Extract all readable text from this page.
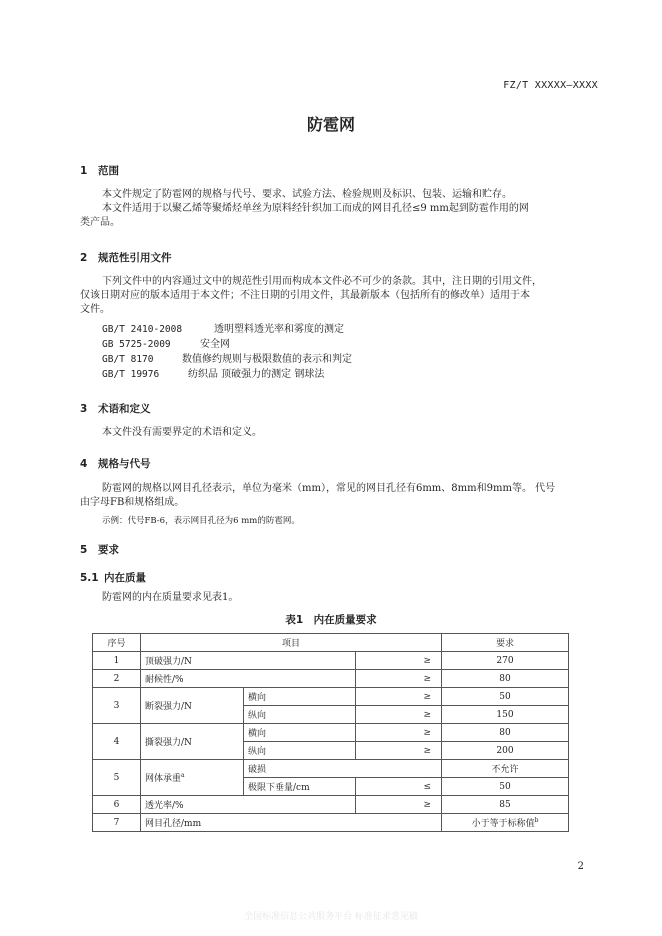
FZ/T XXXXX—XXXX
防雹网
1 范围
本文件规定了防雹网的规格与代号、要求、试验方法、检验规则及标识、包装、运输和贮存。
本文件适用于以聚乙烯等聚烯烃单丝为原料经针织加工而成的网目孔径≤9 mm起到防雹作用的网
类产品。
2 规范性引用文件
下列文件中的内容通过文中的规范性引用而构成本文件必不可少的条款。其中，注日期的引用文件，
仅该日期对应的版本适用于本文件；不注日期的引用文件，其最新版本（包括所有的修改单）适用于本
文件。
GB/T 2410-2008	透明塑料透光率和雾度的测定
GB 5725-2009	安全网
GB/T 8170	数值修约规则与极限数值的表示和判定
GB/T 19976	纺织品 顶破强力的测定 钢球法
3 术语和定义
本文件没有需要界定的术语和定义。
4 规格与代号
防雹网的规格以网目孔径表示，单位为毫米（mm），常见的网目孔径有6mm、8mm和9mm等。 代号
由字母FB和规格组成。
示例：代号FB-6，表示网目孔径为6 mm的防雹网。
5 要求
5.1 内在质量
防雹网的内在质量要求见表1。
表1　内在质量要求
序号	项目			要求
1	顶破强力/N		≥	270
2	耐候性/%		≥	80
3	断裂强力/N	横向	≥	50
		纵向	≥	150
4	撕裂强力/N	横向	≥	80
		纵向	≥	200
5	网体承重$^a$	破损		不允许
		极限下垂量/cm	≤	50
6	透光率/%		≥	85
7	网目孔径/mm			小于等于标称值$^b$
2
全国标准信息公共服务平台 标准征求意见稿
